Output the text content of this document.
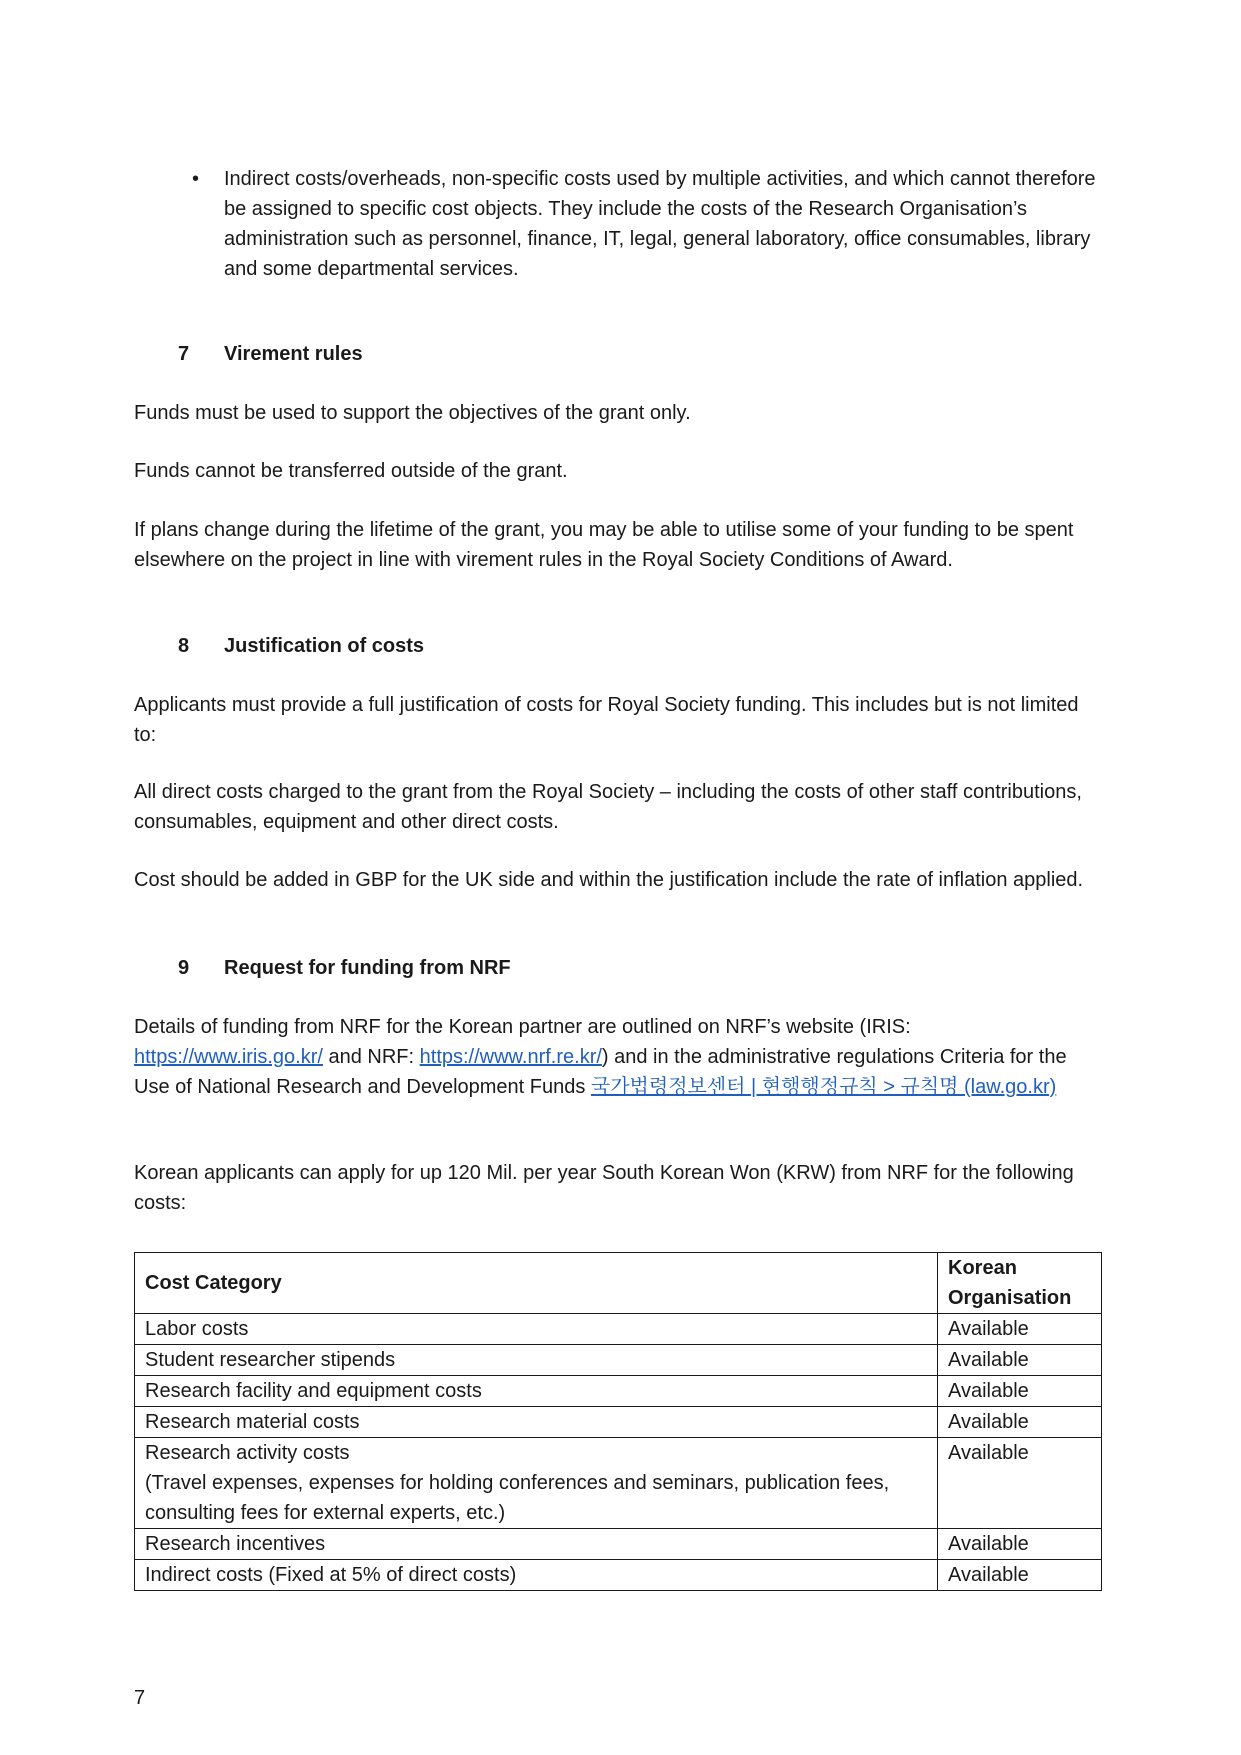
• Indirect costs/overheads, non-specific costs used by multiple activities, and which cannot therefore be assigned to specific cost objects. They include the costs of the Research Organisation’s administration such as personnel, finance, IT, legal, general laboratory, office consumables, library and some departmental services.

7 Virement rules

Funds must be used to support the objectives of the grant only.

Funds cannot be transferred outside of the grant.

If plans change during the lifetime of the grant, you may be able to utilise some of your funding to be spent elsewhere on the project in line with virement rules in the Royal Society Conditions of Award.

8 Justification of costs

Applicants must provide a full justification of costs for Royal Society funding. This includes but is not limited to:

All direct costs charged to the grant from the Royal Society – including the costs of other staff contributions, consumables, equipment and other direct costs.

Cost should be added in GBP for the UK side and within the justification include the rate of inflation applied.

9 Request for funding from NRF

Details of funding from NRF for the Korean partner are outlined on NRF’s website (IRIS: https://www.iris.go.kr/ and NRF: https://www.nrf.re.kr/) and in the administrative regulations Criteria for the Use of National Research and Development Funds 국가법령정보센터 | 현행행정규칙 > 규칙명 (law.go.kr)

Korean applicants can apply for up 120 Mil. per year South Korean Won (KRW) from NRF for the following costs:

Cost Category	Korean Organisation
Labor costs	Available
Student researcher stipends	Available
Research facility and equipment costs	Available
Research material costs	Available
Research activity costs
(Travel expenses, expenses for holding conferences and seminars, publication fees, consulting fees for external experts, etc.)	Available
Research incentives	Available
Indirect costs (Fixed at 5% of direct costs)	Available

7
